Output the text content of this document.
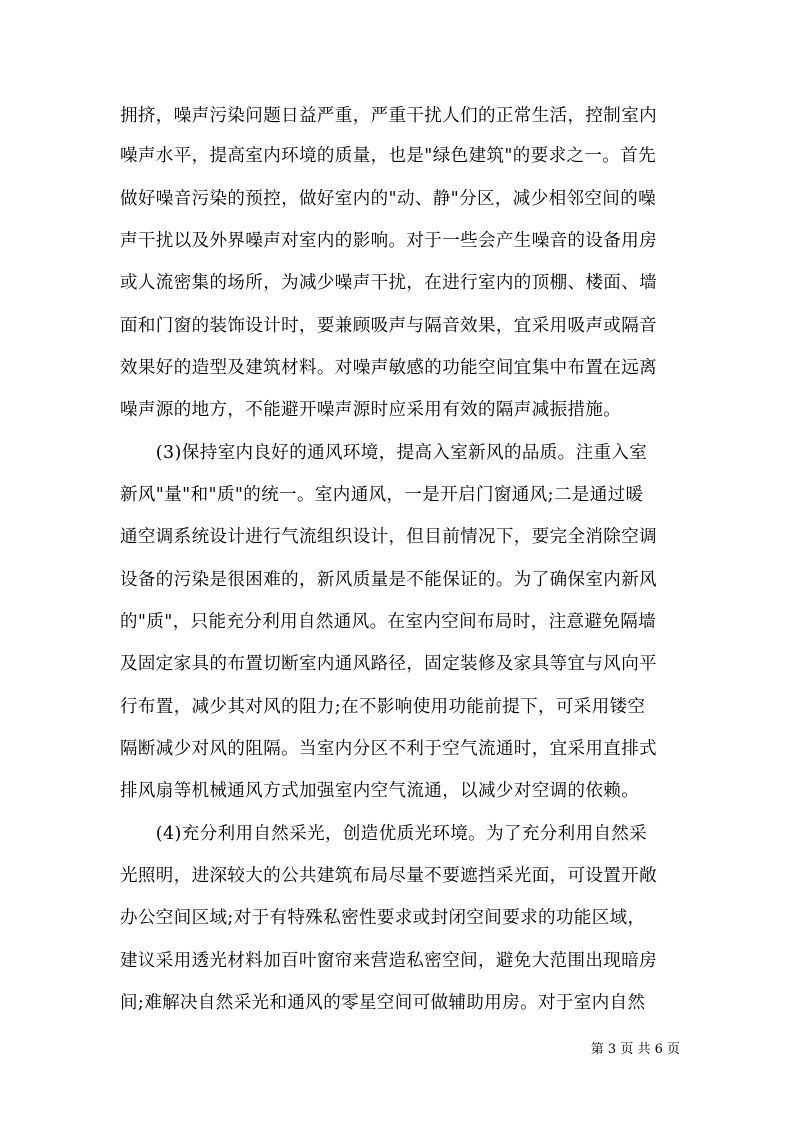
拥挤，噪声污染问题日益严重，严重干扰人们的正常生活，控制室内
噪声水平，提高室内环境的质量，也是"绿色建筑"的要求之一。首先
做好噪音污染的预控，做好室内的"动、静"分区，减少相邻空间的噪
声干扰以及外界噪声对室内的影响。对于一些会产生噪音的设备用房
或人流密集的场所，为减少噪声干扰，在进行室内的顶棚、楼面、墙
面和门窗的装饰设计时，要兼顾吸声与隔音效果，宜采用吸声或隔音
效果好的造型及建筑材料。对噪声敏感的功能空间宜集中布置在远离
噪声源的地方，不能避开噪声源时应采用有效的隔声减振措施。
　　(3)保持室内良好的通风环境，提高入室新风的品质。注重入室
新风"量"和"质"的统一。室内通风，一是开启门窗通风;二是通过暖
通空调系统设计进行气流组织设计，但目前情况下，要完全消除空调
设备的污染是很困难的，新风质量是不能保证的。为了确保室内新风
的"质"，只能充分利用自然通风。在室内空间布局时，注意避免隔墙
及固定家具的布置切断室内通风路径，固定装修及家具等宜与风向平
行布置，减少其对风的阻力;在不影响使用功能前提下，可采用镂空
隔断减少对风的阻隔。当室内分区不利于空气流通时，宜采用直排式
排风扇等机械通风方式加强室内空气流通，以减少对空调的依赖。
　　(4)充分利用自然采光，创造优质光环境。为了充分利用自然采
光照明，进深较大的公共建筑布局尽量不要遮挡采光面，可设置开敞
办公空间区域;对于有特殊私密性要求或封闭空间要求的功能区域，
建议采用透光材料加百叶窗帘来营造私密空间，避免大范围出现暗房
间;难解决自然采光和通风的零星空间可做辅助用房。对于室内自然
第 3 页 共 6 页
